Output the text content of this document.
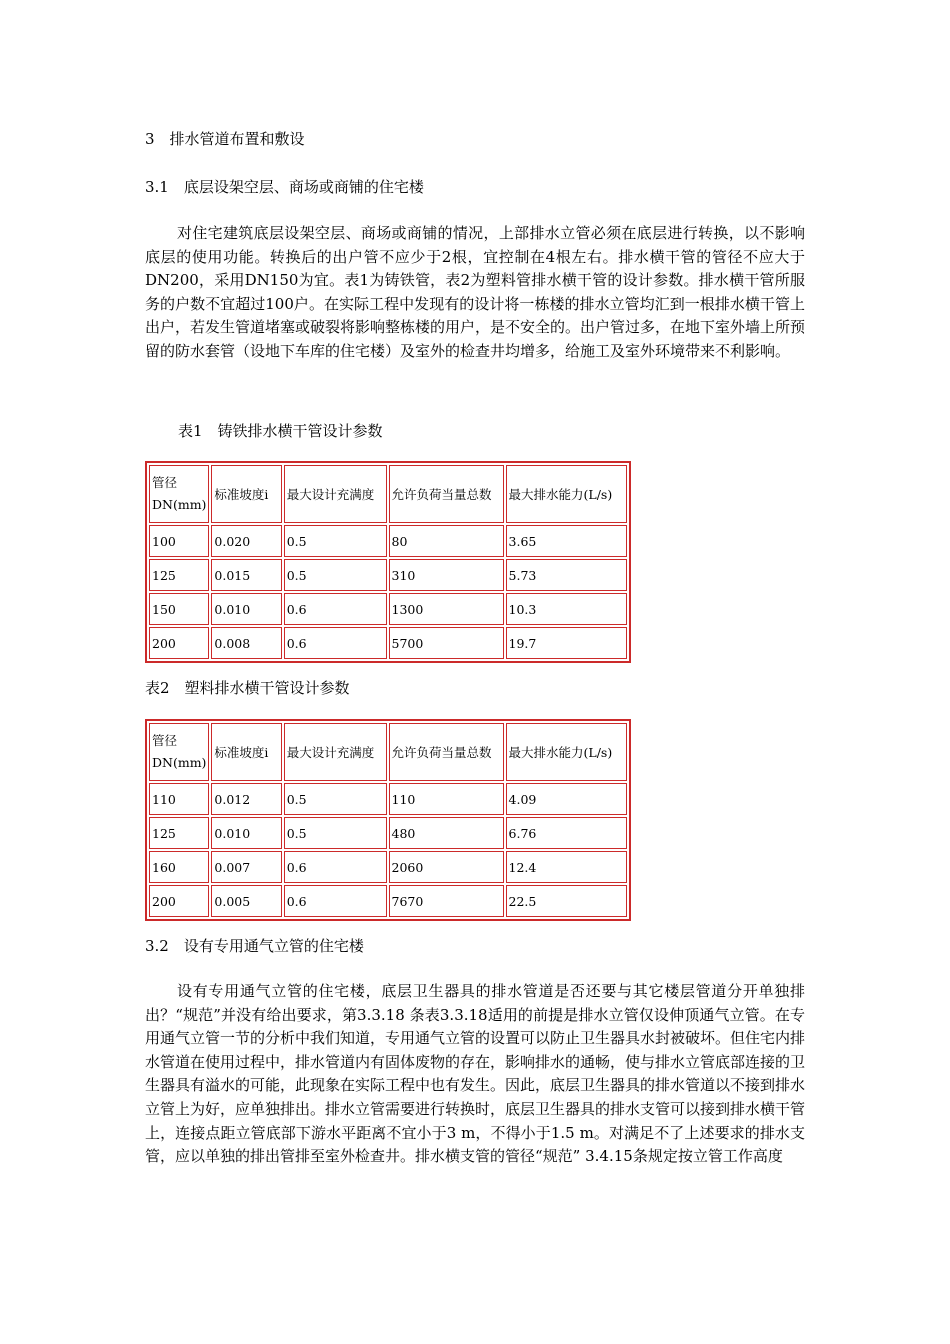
3　排水管道布置和敷设
3.1　底层设架空层、商场或商铺的住宅楼

对住宅建筑底层设架空层、商场或商铺的情况，上部排水立管必须在底层进行转换，以不影响底层的使用功能。转换后的出户管不应少于2根，宜控制在4根左右。排水横干管的管径不应大于DN200，采用DN150为宜。表1为铸铁管，表2为塑料管排水横干管的设计参数。排水横干管所服务的户数不宜超过100户。在实际工程中发现有的设计将一栋楼的排水立管均汇到一根排水横干管上出户，若发生管道堵塞或破裂将影响整栋楼的用户，是不安全的。出户管过多，在地下室外墙上所预留的防水套管（设地下车库的住宅楼）及室外的检查井均增多，给施工及室外环境带来不利影响。

表1　铸铁排水横干管设计参数
管径DN(mm)	标准坡度i	最大设计充满度	允许负荷当量总数	最大排水能力(L/s)
100	0.020	0.5	80	3.65
125	0.015	0.5	310	5.73
150	0.010	0.6	1300	10.3
200	0.008	0.6	5700	19.7
表2　塑料排水横干管设计参数
管径DN(mm)	标准坡度i	最大设计充满度	允许负荷当量总数	最大排水能力(L/s)
110	0.012	0.5	110	4.09
125	0.010	0.5	480	6.76
160	0.007	0.6	2060	12.4
200	0.005	0.6	7670	22.5
3.2　设有专用通气立管的住宅楼

设有专用通气立管的住宅楼，底层卫生器具的排水管道是否还要与其它楼层管道分开单独排出？“规范”并没有给出要求，第3.3.18 条表3.3.18适用的前提是排水立管仅设伸顶通气立管。在专用通气立管一节的分析中我们知道，专用通气立管的设置可以防止卫生器具水封被破坏。但住宅内排水管道在使用过程中，排水管道内有固体废物的存在，影响排水的通畅，使与排水立管底部连接的卫生器具有溢水的可能，此现象在实际工程中也有发生。因此，底层卫生器具的排水管道以不接到排水立管上为好，应单独排出。排水立管需要进行转换时，底层卫生器具的排水支管可以接到排水横干管上，连接点距立管底部下游水平距离不宜小于3 m，不得小于1.5 m。对满足不了上述要求的排水支管，应以单独的排出管排至室外检查井。排水横支管的管径“规范” 3.4.15条规定按立管工作高度
